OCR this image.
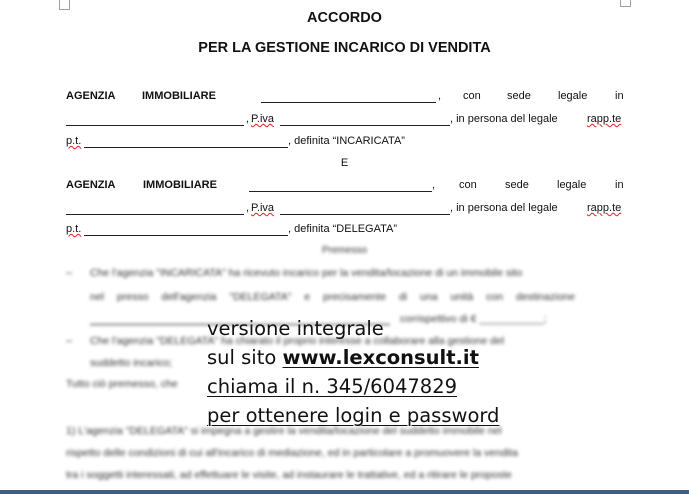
ACCORDO
PER LA GESTIONE INCARICO DI VENDITA
AGENZIA IMMOBILIARE	, con sede legale	in
, P.iva	, in persona del legale	rapp.te
p.t.	, definita “INCARICATA”
E
AGENZIA	IMMOBILIARE	, con	sede	legale	in
, P.iva	, in persona del legale	rapp.te
p.t.	, definita “DELEGATA”
Premesso
– Che l'agenzia "INCARICATA" ha ricevuto incarico per la vendita/locazione di un immobile sito
nel presso dell'agenzia "DELEGATA" e precisamente di una unità con destinazione
corrispettivo di € ___________;
– Che l'agenzia "DELEGATA" ha chiarato il proprio interesse a collaborare alla gestione del
suddetto incarico;
Tutto ciò premesso, che
1) L'agenzia "DELEGATA" si impegna a gestire la vendita/locazione del suddetto immobile nel
rispetto delle condizioni di cui all'incarico di mediazione, ed in particolare a promuovere la vendita
tra i soggetti interessati, ad effettuare le visite, ad instaurare le trattative, ed a ritirare le proposte
versione integrale
sul sito www.lexconsult.it
chiama il n. 345/6047829
per ottenere login e password
